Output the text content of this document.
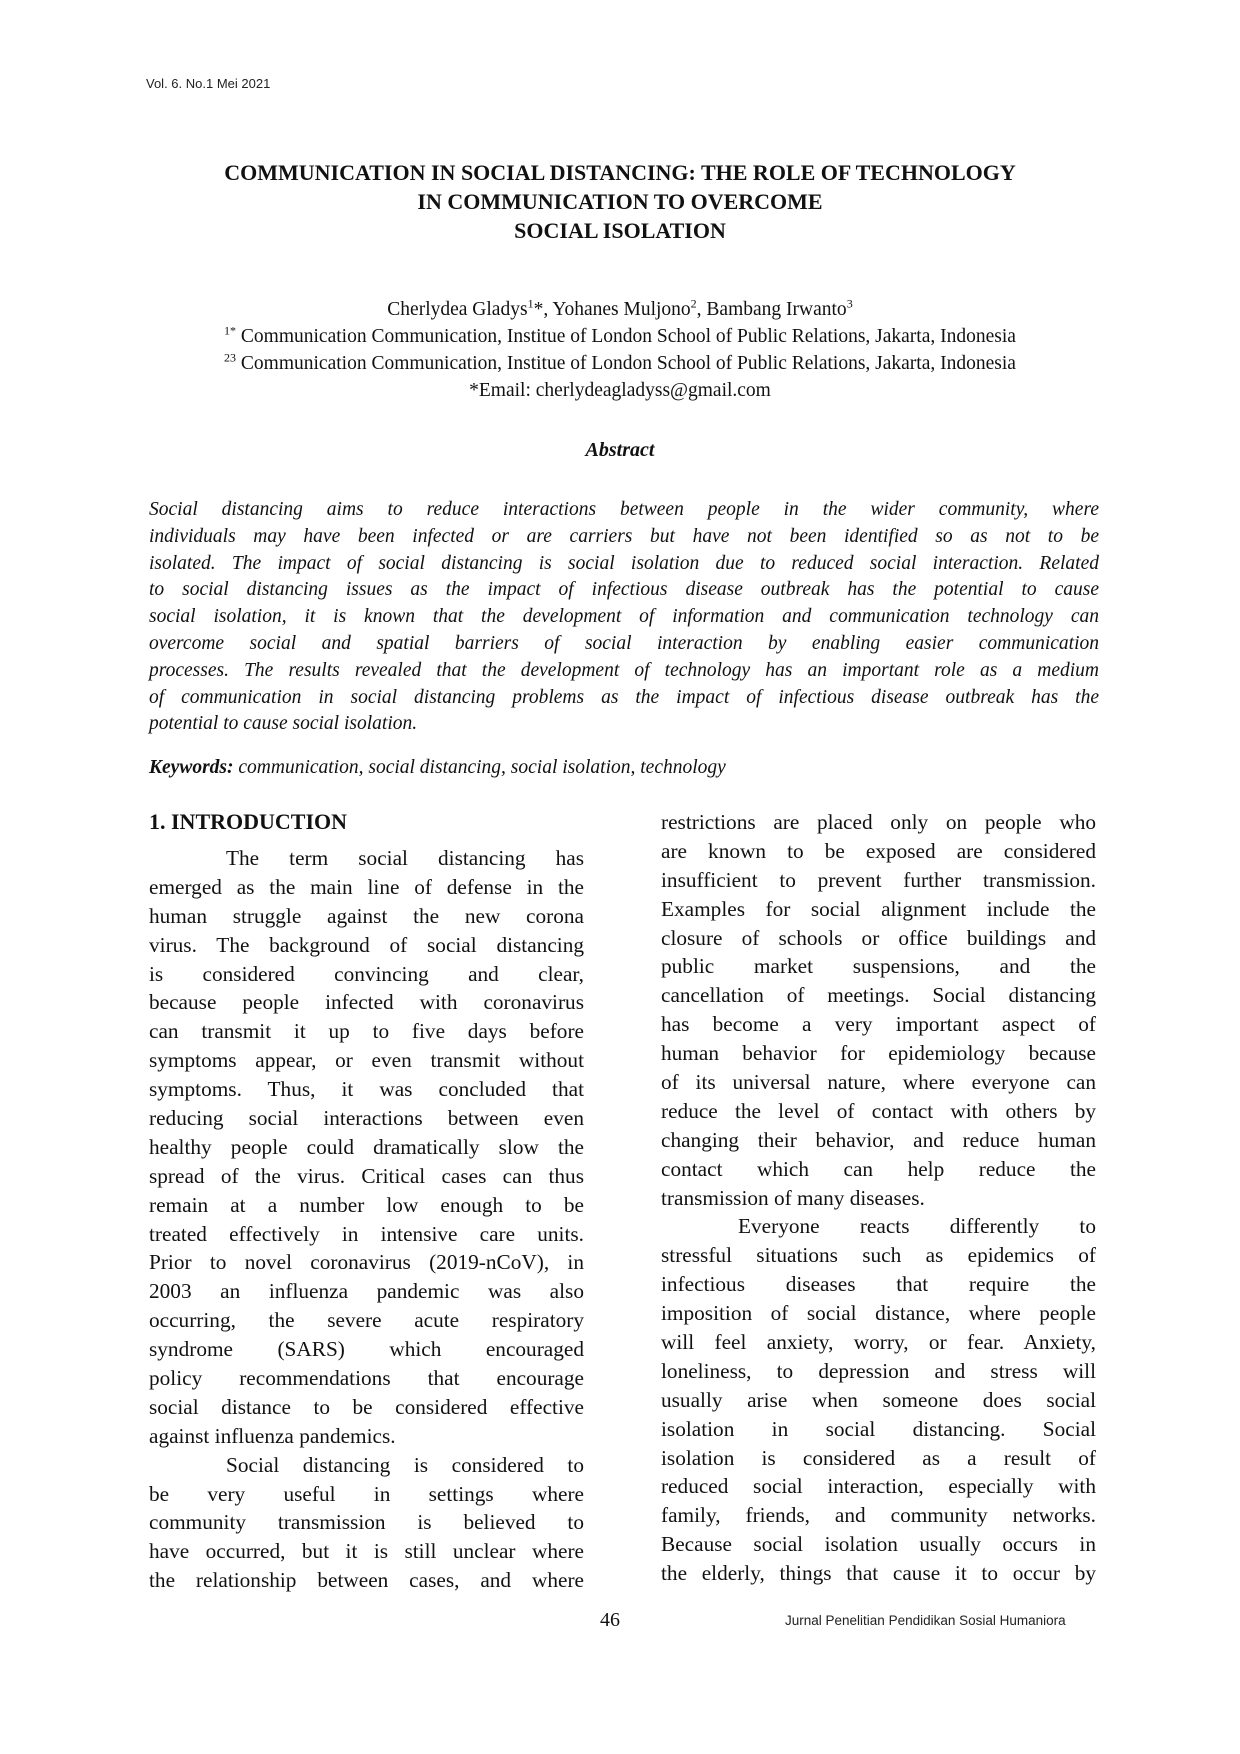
Vol. 6. No.1 Mei 2021
COMMUNICATION IN SOCIAL DISTANCING: THE ROLE OF TECHNOLOGY
IN COMMUNICATION TO OVERCOME
SOCIAL ISOLATION
Cherlydea Gladys$^1$*, Yohanes Muljono$^2$, Bambang Irwanto$^3$
$^{1*}$ Communication Communication, Institue of London School of Public Relations, Jakarta, Indonesia
$^{23}$ Communication Communication, Institue of London School of Public Relations, Jakarta, Indonesia
*Email: cherlydeagladyss@gmail.com
Abstract
Social distancing aims to reduce interactions between people in the wider community, where
individuals may have been infected or are carriers but have not been identified so as not to be
isolated. The impact of social distancing is social isolation due to reduced social interaction. Related
to social distancing issues as the impact of infectious disease outbreak has the potential to cause
social isolation, it is known that the development of information and communication technology can
overcome social and spatial barriers of social interaction by enabling easier communication
processes. The results revealed that the development of technology has an important role as a medium
of communication in social distancing problems as the impact of infectious disease outbreak has the
potential to cause social isolation.
Keywords: communication, social distancing, social isolation, technology
1. INTRODUCTION
The term social distancing has
emerged as the main line of defense in the
human struggle against the new corona
virus. The background of social distancing
is considered convincing and clear,
because people infected with coronavirus
can transmit it up to five days before
symptoms appear, or even transmit without
symptoms. Thus, it was concluded that
reducing social interactions between even
healthy people could dramatically slow the
spread of the virus. Critical cases can thus
remain at a number low enough to be
treated effectively in intensive care units.
Prior to novel coronavirus (2019-nCoV), in
2003 an influenza pandemic was also
occurring, the severe acute respiratory
syndrome (SARS) which encouraged
policy recommendations that encourage
social distance to be considered effective
against influenza pandemics.
Social distancing is considered to
be very useful in settings where
community transmission is believed to
have occurred, but it is still unclear where
the relationship between cases, and where
restrictions are placed only on people who
are known to be exposed are considered
insufficient to prevent further transmission.
Examples for social alignment include the
closure of schools or office buildings and
public market suspensions, and the
cancellation of meetings. Social distancing
has become a very important aspect of
human behavior for epidemiology because
of its universal nature, where everyone can
reduce the level of contact with others by
changing their behavior, and reduce human
contact which can help reduce the
transmission of many diseases.
Everyone reacts differently to
stressful situations such as epidemics of
infectious diseases that require the
imposition of social distance, where people
will feel anxiety, worry, or fear. Anxiety,
loneliness, to depression and stress will
usually arise when someone does social
isolation in social distancing. Social
isolation is considered as a result of
reduced social interaction, especially with
family, friends, and community networks.
Because social isolation usually occurs in
the elderly, things that cause it to occur by
46	Jurnal Penelitian Pendidikan Sosial Humaniora
